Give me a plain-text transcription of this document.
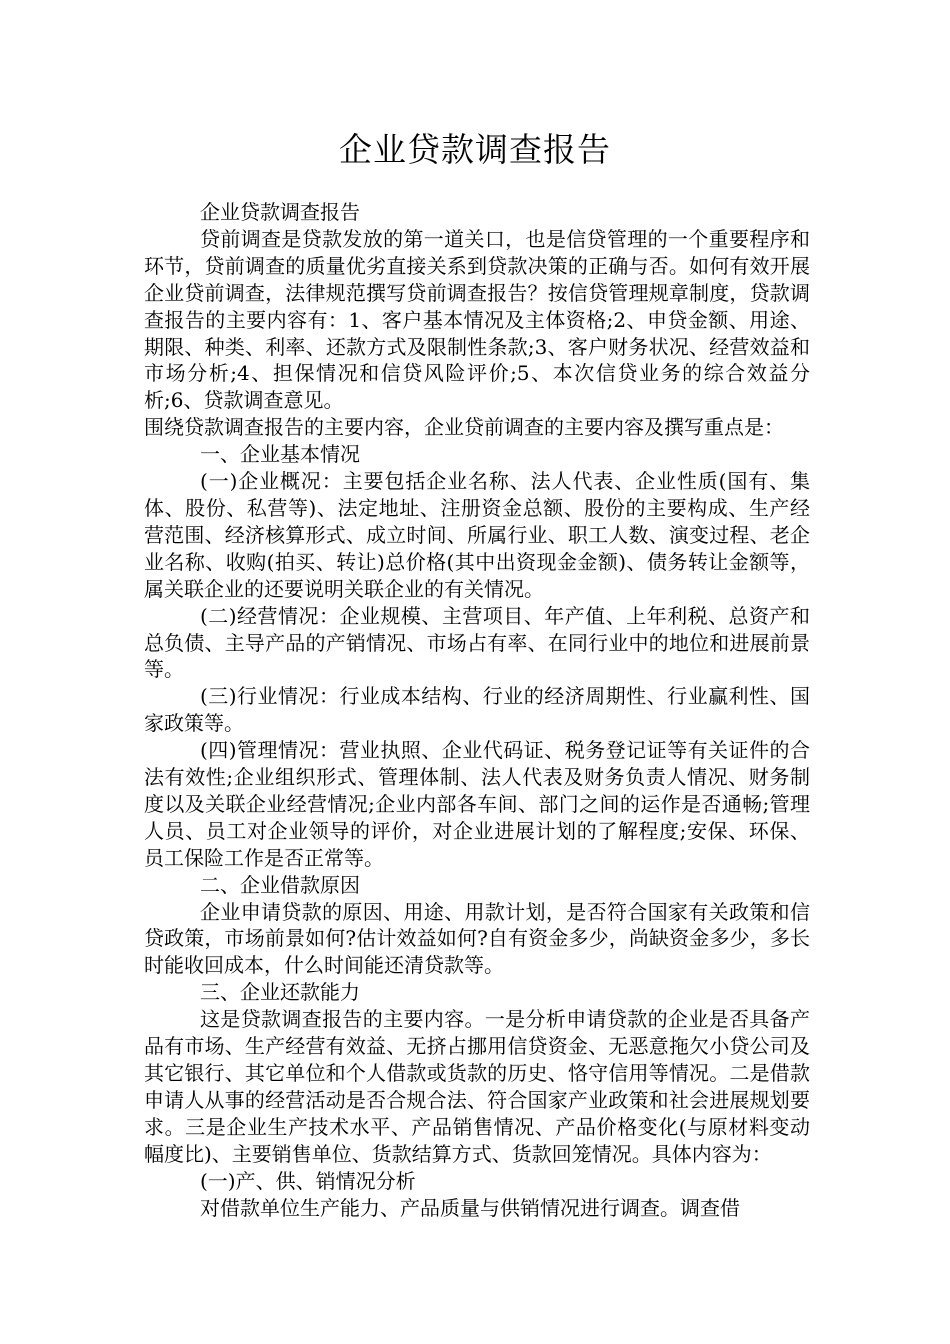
企业贷款调查报告

企业贷款调查报告

贷前调查是贷款发放的第一道关口，也是信贷管理的一个重要程序和环节，贷前调查的质量优劣直接关系到贷款决策的正确与否。如何有效开展企业贷前调查，法律规范撰写贷前调查报告？按信贷管理规章制度，贷款调查报告的主要内容有：1、客户基本情况及主体资格;2、申贷金额、用途、期限、种类、利率、还款方式及限制性条款;3、客户财务状况、经营效益和市场分析;4、担保情况和信贷风险评价;5、本次信贷业务的综合效益分析;6、贷款调查意见。

围绕贷款调查报告的主要内容，企业贷前调查的主要内容及撰写重点是：

一、企业基本情况

(一)企业概况：主要包括企业名称、法人代表、企业性质(国有、集体、股份、私营等)、法定地址、注册资金总额、股份的主要构成、生产经营范围、经济核算形式、成立时间、所属行业、职工人数、演变过程、老企业名称、收购(拍买、转让)总价格(其中出资现金金额)、债务转让金额等，属关联企业的还要说明关联企业的有关情况。

(二)经营情况：企业规模、主营项目、年产值、上年利税、总资产和总负债、主导产品的产销情况、市场占有率、在同行业中的地位和进展前景等。

(三)行业情况：行业成本结构、行业的经济周期性、行业赢利性、国家政策等。

(四)管理情况：营业执照、企业代码证、税务登记证等有关证件的合法有效性;企业组织形式、管理体制、法人代表及财务负责人情况、财务制度以及关联企业经营情况;企业内部各车间、部门之间的运作是否通畅;管理人员、员工对企业领导的评价，对企业进展计划的了解程度;安保、环保、员工保险工作是否正常等。

二、企业借款原因

企业申请贷款的原因、用途、用款计划，是否符合国家有关政策和信贷政策，市场前景如何?估计效益如何?自有资金多少，尚缺资金多少，多长时能收回成本，什么时间能还清贷款等。

三、企业还款能力

这是贷款调查报告的主要内容。一是分析申请贷款的企业是否具备产品有市场、生产经营有效益、无挤占挪用信贷资金、无恶意拖欠小贷公司及其它银行、其它单位和个人借款或货款的历史、恪守信用等情况。二是借款申请人从事的经营活动是否合规合法、符合国家产业政策和社会进展规划要求。三是企业生产技术水平、产品销售情况、产品价格变化(与原材料变动幅度比)、主要销售单位、货款结算方式、货款回笼情况。具体内容为：

(一)产、供、销情况分析

对借款单位生产能力、产品质量与供销情况进行调查。调查借
